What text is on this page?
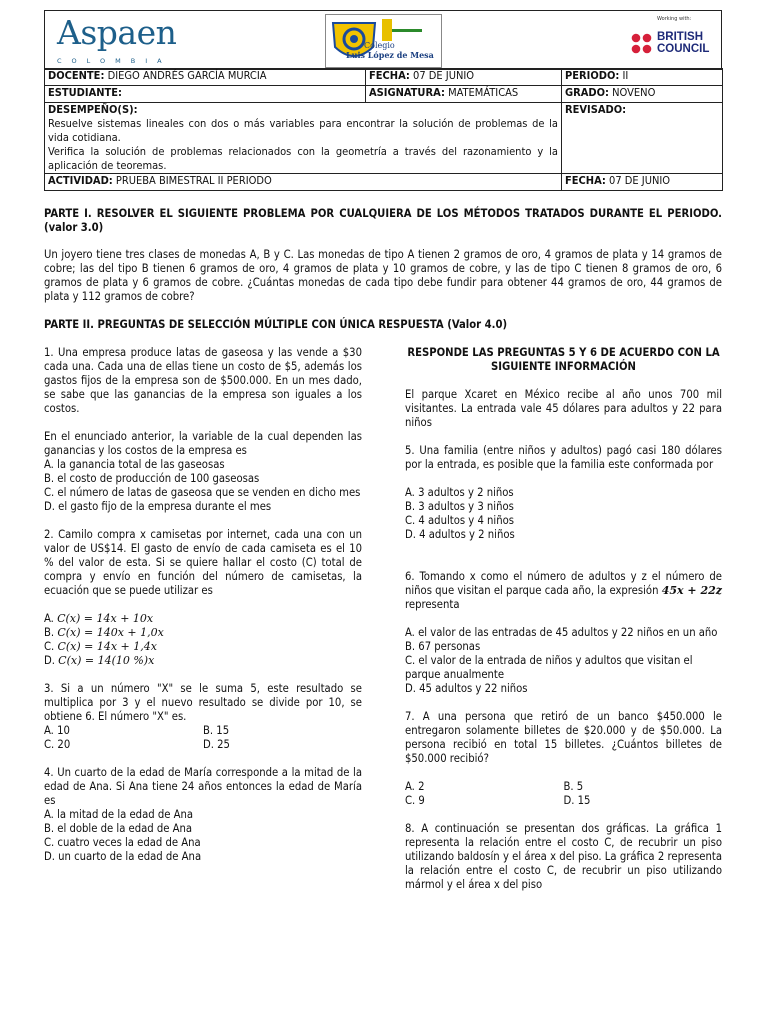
Aspaen
COLOMBIA
Colegio
Luis López de Mesa
Working with:
BRITISH
COUNCIL
DOCENTE: DIEGO ANDRÉS GARCÍA MURCIA	FECHA: 07 DE JUNIO	PERIODO: II
ESTUDIANTE:	ASIGNATURA: MATEMÁTICAS	GRADO: NOVENO
DESEMPEÑO(S):
Resuelve sistemas lineales con dos o más variables para encontrar la solución de problemas de la vida cotidiana.
Verifica la solución de problemas relacionados con la geometría a través del razonamiento y la aplicación de teoremas.		REVISADO:
ACTIVIDAD: PRUEBA BIMESTRAL II PERIODO		FECHA: 07 DE JUNIO
PARTE I. RESOLVER EL SIGUIENTE PROBLEMA POR CUALQUIERA DE LOS MÉTODOS TRATADOS DURANTE EL PERIODO. (valor 3.0)
Un joyero tiene tres clases de monedas A, B y C. Las monedas de tipo A tienen 2 gramos de oro, 4 gramos de plata y 14 gramos de cobre; las del tipo B tienen 6 gramos de oro, 4 gramos de plata y 10 gramos de cobre, y las de tipo C tienen 8 gramos de oro, 6 gramos de plata y 6 gramos de cobre. ¿Cuántas monedas de cada tipo debe fundir para obtener 44 gramos de oro, 44 gramos de plata y 112 gramos de cobre?
PARTE II. PREGUNTAS DE SELECCIÓN MÚLTIPLE CON ÚNICA RESPUESTA (Valor 4.0)
1. Una empresa produce latas de gaseosa y las vende a $30 cada una. Cada una de ellas tiene un costo de $5, además los gastos fijos de la empresa son de $500.000. En un mes dado, se sabe que las ganancias de la empresa son iguales a los costos.
En el enunciado anterior, la variable de la cual dependen las ganancias y los costos de la empresa es
A. la ganancia total de las gaseosas
B. el costo de producción de 100 gaseosas
C. el número de latas de gaseosa que se venden en dicho mes
D. el gasto fijo de la empresa durante el mes
2. Camilo compra x camisetas por internet, cada una con un valor de US$14. El gasto de envío de cada camiseta es el 10 % del valor de esta. Si se quiere hallar el costo (C) total de compra y envío en función del número de camisetas, la ecuación que se puede utilizar es
A. C(x) = 14x + 10x
B. C(x) = 140x + 1,0x
C. C(x) = 14x + 1,4x
D. C(x) = 14(10 %)x
3. Si a un número "X" se le suma 5, este resultado se multiplica por 3 y el nuevo resultado se divide por 10, se obtiene 6. El número "X" es.
A. 10	B. 15
C. 20	D. 25
4. Un cuarto de la edad de María corresponde a la mitad de la edad de Ana. Si Ana tiene 24 años entonces la edad de María es
A. la mitad de la edad de Ana
B. el doble de la edad de Ana
C. cuatro veces la edad de Ana
D. un cuarto de la edad de Ana
RESPONDE LAS PREGUNTAS 5 Y 6 DE ACUERDO CON LA SIGUIENTE INFORMACIÓN
El parque Xcaret en México recibe al año unos 700 mil visitantes. La entrada vale 45 dólares para adultos y 22 para niños
5. Una familia (entre niños y adultos) pagó casi 180 dólares por la entrada, es posible que la familia este conformada por
A. 3 adultos y 2 niños
B. 3 adultos y 3 niños
C. 4 adultos y 4 niños
D. 4 adultos y 2 niños
6. Tomando x como el número de adultos y z el número de niños que visitan el parque cada año, la expresión 45x + 22z representa
A. el valor de las entradas de 45 adultos y 22 niños en un año
B. 67 personas
C. el valor de la entrada de niños y adultos que visitan el parque anualmente
D. 45 adultos y 22 niños
7. A una persona que retiró de un banco $450.000 le entregaron solamente billetes de $20.000 y de $50.000. La persona recibió en total 15 billetes. ¿Cuántos billetes de $50.000 recibió?
A. 2	B. 5
C. 9	D. 15
8. A continuación se presentan dos gráficas. La gráfica 1 representa la relación entre el costo C, de recubrir un piso utilizando baldosín y el área x del piso. La gráfica 2 representa la relación entre el costo C, de recubrir un piso utilizando mármol y el área x del piso
